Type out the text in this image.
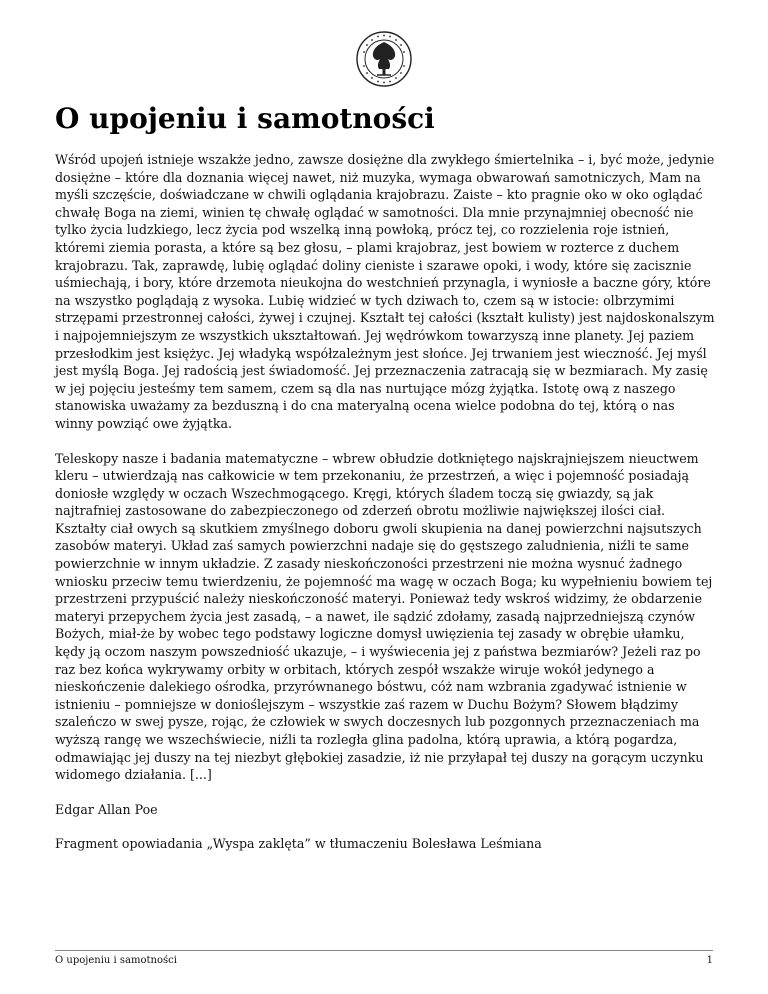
O upojeniu i samotności

Wśród upojeń istnieje wszakże jedno, zawsze dosiężne dla zwykłego śmiertelnika – i, być może, jedynie dosiężne – które dla doznania więcej nawet, niż muzyka, wymaga obwarowań samotniczych, Mam na myśli szczęście, doświadczane w chwili oglądania krajobrazu. Zaiste – kto pragnie oko w oko oglądać chwałę Boga na ziemi, winien tę chwałę oglądać w samotności. Dla mnie przynajmniej obecność nie tylko życia ludzkiego, lecz życia pod wszelką inną powłoką, prócz tej, co rozzielenia roje istnień, któremi ziemia porasta, a które są bez głosu, – plami krajobraz, jest bowiem w rozterce z duchem krajobrazu. Tak, zaprawdę, lubię oglądać doliny cieniste i szarawe opoki, i wody, które się zacisznie uśmiechają, i bory, które drzemota nieukojna do westchnień przynagla, i wyniosłe a baczne góry, które na wszystko poglądają z wysoka. Lubię widzieć w tych dziwach to, czem są w istocie: olbrzymimi strzępami przestronnej całości, żywej i czujnej. Kształt tej całości (kształt kulisty) jest najdoskonalszym i najpojemniejszym ze wszystkich ukształtowań. Jej wędrówkom towarzyszą inne planety. Jej paziem przesłodkim jest księżyc. Jej władyką współzależnym jest słońce. Jej trwaniem jest wieczność. Jej myśl jest myślą Boga. Jej radością jest świadomość. Jej przeznaczenia zatracają się w bezmiarach. My zasię w jej pojęciu jesteśmy tem samem, czem są dla nas nurtujące mózg żyjątka. Istotę ową z naszego stanowiska uważamy za bezduszną i do cna materyalną ocena wielce podobna do tej, którą o nas winny powziąć owe żyjątka.

Teleskopy nasze i badania matematyczne – wbrew obłudzie dotkniętego najskrajniejszem nieuctwem kleru – utwierdzają nas całkowicie w tem przekonaniu, że przestrzeń, a więc i pojemność posiadają doniosłe względy w oczach Wszechmogącego. Kręgi, których śladem toczą się gwiazdy, są jak najtrafniej zastosowane do zabezpieczonego od zderzeń obrotu możliwie największej ilości ciał. Kształty ciał owych są skutkiem zmyślnego doboru gwoli skupienia na danej powierzchni najsutszych zasobów materyi. Układ zaś samych powierzchni nadaje się do gęstszego zaludnienia, niźli te same powierzchnie w innym układzie. Z zasady nieskończoności przestrzeni nie można wysnuć żadnego wniosku przeciw temu twierdzeniu, że pojemność ma wagę w oczach Boga; ku wypełnieniu bowiem tej przestrzeni przypuścić należy nieskończoność materyi. Ponieważ tedy wskroś widzimy, że obdarzenie materyi przepychem życia jest zasadą, – a nawet, ile sądzić zdołamy, zasadą najprzedniejszą czynów Bożych, miał-że by wobec tego podstawy logiczne domysł uwięzienia tej zasady w obrębie ułamku, kędy ją oczom naszym powszedniość ukazuje, – i wyświecenia jej z państwa bezmiarów? Jeżeli raz po raz bez końca wykrywamy orbity w orbitach, których zespół wszakże wiruje wokół jedynego a nieskończenie dalekiego ośrodka, przyrównanego bóstwu, cóż nam wzbrania zgadywać istnienie w istnieniu – pomniejsze w donioślejszym – wszystkie zaś razem w Duchu Bożym? Słowem błądzimy szaleńczo w swej pysze, rojąc, że człowiek w swych doczesnych lub pozgonnych przeznaczeniach ma wyższą rangę we wszechświecie, niźli ta rozległa glina padolna, którą uprawia, a którą pogardza, odmawiając jej duszy na tej niezbyt głębokiej zasadzie, iż nie przyłapał tej duszy na gorącym uczynku widomego działania. [...]

Edgar Allan Poe

Fragment opowiadania „Wyspa zaklęta” w tłumaczeniu Bolesława Leśmiana

O upojeniu i samotności	1
